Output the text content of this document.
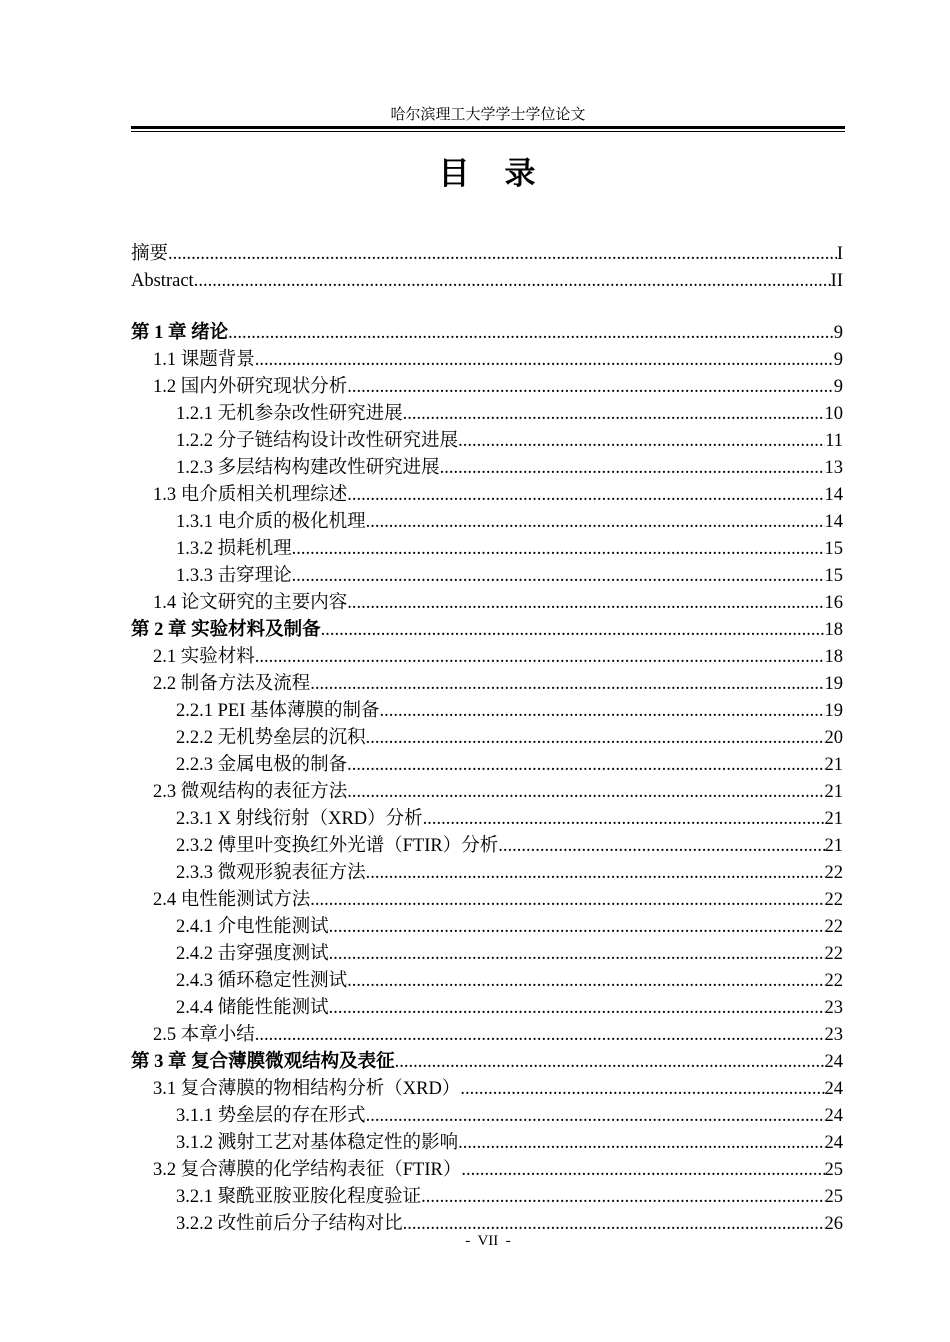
哈尔滨理工大学学士学位论文
目　录
摘要 .....	I
Abstract .....	II
第 1 章 绪论 .....	9
1.1 课题背景 .....	9
1.2 国内外研究现状分析 .....	9
1.2.1 无机参杂改性研究进展 .....	10
1.2.2 分子链结构设计改性研究进展 .....	11
1.2.3 多层结构构建改性研究进展 .....	13
1.3 电介质相关机理综述 .....	14
1.3.1 电介质的极化机理 .....	14
1.3.2 损耗机理 .....	15
1.3.3 击穿理论 .....	15
1.4 论文研究的主要内容 .....	16
第 2 章 实验材料及制备 .....	18
2.1 实验材料 .....	18
2.2 制备方法及流程 .....	19
2.2.1 PEI 基体薄膜的制备 .....	19
2.2.2 无机势垒层的沉积 .....	20
2.2.3 金属电极的制备 .....	21
2.3 微观结构的表征方法 .....	21
2.3.1 X 射线衍射（XRD）分析 .....	21
2.3.2 傅里叶变换红外光谱（FTIR）分析 .....	21
2.3.3 微观形貌表征方法 .....	22
2.4 电性能测试方法 .....	22
2.4.1 介电性能测试 .....	22
2.4.2 击穿强度测试 .....	22
2.4.3 循环稳定性测试 .....	22
2.4.4 储能性能测试 .....	23
2.5 本章小结 .....	23
第 3 章 复合薄膜微观结构及表征 .....	24
3.1 复合薄膜的物相结构分析（XRD） .....	24
3.1.1 势垒层的存在形式 .....	24
3.1.2 溅射工艺对基体稳定性的影响 .....	24
3.2 复合薄膜的化学结构表征（FTIR） .....	25
3.2.1 聚酰亚胺亚胺化程度验证 .....	25
3.2.2 改性前后分子结构对比 .....	26
-  VII  -
